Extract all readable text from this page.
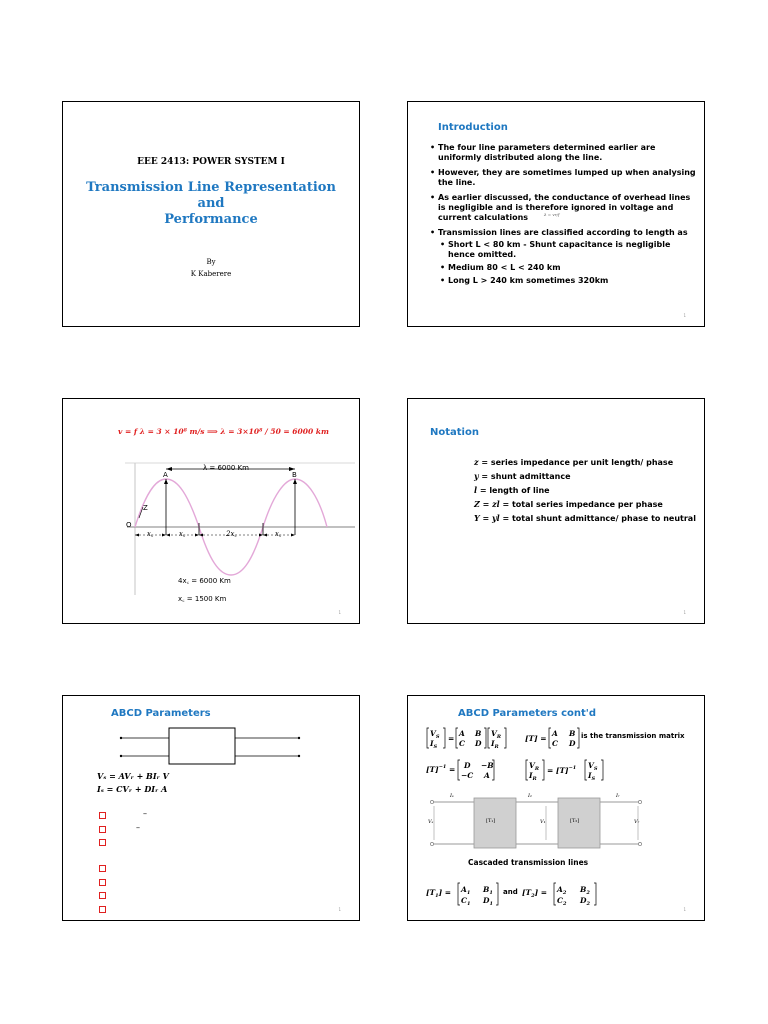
EEE 2413: POWER SYSTEM I
Transmission Line Representation
and
Performance
By
K Kaberere
Introduction
• The four line parameters determined earlier are uniformly distributed along the line.
• However, they are sometimes lumped up when analysing the line.
• As earlier discussed, the conductance of overhead lines is negligible and is therefore ignored in voltage and current calculations	λ = vr/f
• Transmission lines are classified according to length as
• Short L < 80 km - Shunt capacitance is negligible hence omitted.
• Medium 80 < L < 240 km
• Long L > 240 km sometimes 320km
1
v = f λ = 3 × 10⁸ m/s ⟹ λ = 3×10⁸ / 50 = 6000 km
λ = 6000 Km
A	B
Z
O
x꜀	x꜀	2x꜀	x꜀
4x꜀ = 6000 Km
x꜀ = 1500 Km
1
Notation
z = series impedance per unit length/ phase
y = shunt admittance
l = length of line
Z = zl = total series impedance per phase
Y = yl = total shunt admittance/ phase to neutral
1
ABCD Parameters
Vₛ = AVᵣ + BIᵣ V
Iₛ = CVᵣ + DIᵣ A
–
–
1
ABCD Parameters cont'd
$V_S$
$I_S$
=
A B
C D
$V_R$
$I_R$
[T] =
A B
C D
$[T]^{-1} = D -B$
−C A
$V_R$
$I_R$
= $[T]^{-1}$ $V_S$
$I_S$
is the transmission matrix
[T₁]	[T₂]
Iₛ	I₁	Iᵣ
Vₛ	V₁	Vᵣ
Cascaded transmission lines
$[T_1] = A_1$ $B_1$
$C_1$ $D_1$
$[T_2] = A_2$ $B_2$
$C_2$ $D_2$
and
1
